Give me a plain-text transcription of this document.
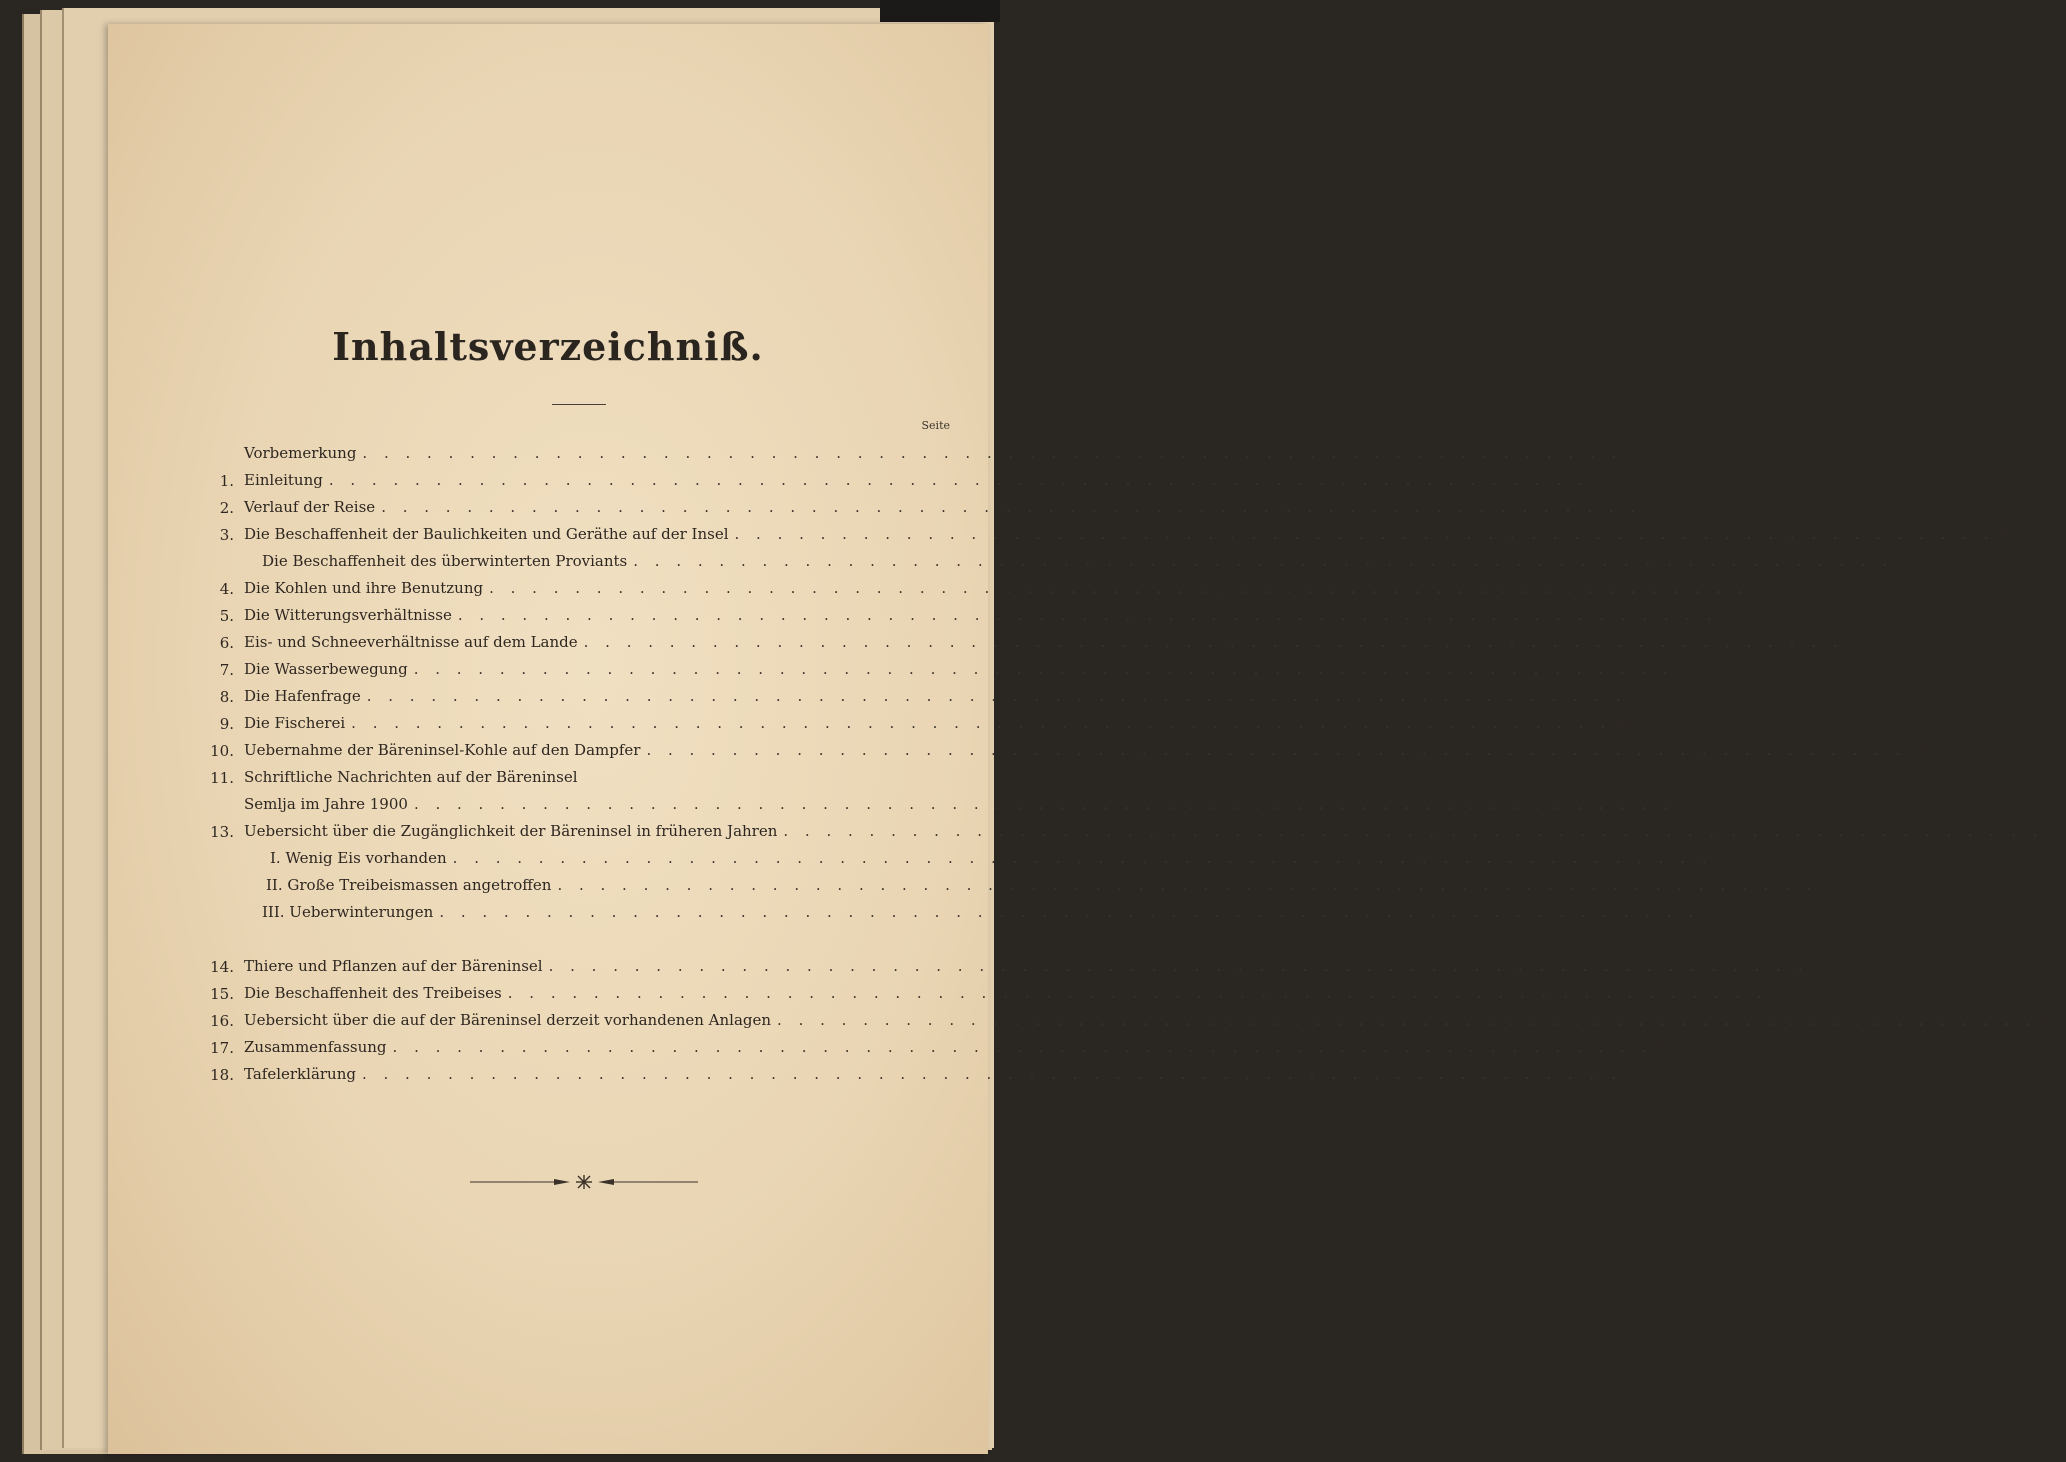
Inhaltsverzeichniß.
Seite
Vorbemerkung . . . . . . . . . . . . . . . . . . . . . . . . . . . . . . . . . . . . . . . . . . . . . . . . . . . . . . . . . . . 3
1. Einleitung . . . . . . . . . . . . . . . . . . . . . . . . . . . . . . . . . . . . . . . . . . . . . . . . . . . . . . . . . . . 4
2. Verlauf der Reise . . . . . . . . . . . . . . . . . . . . . . . . . . . . . . . . . . . . . . . . . . . . . . . . . . . . . . . . . . . 6
3. Die Beschaffenheit der Baulichkeiten und Geräthe auf der Insel . . . . . . . . . . . . . . . . . . . . . . . . . . . . . . . . . . . . . . . . . . . . . . . . . . . . . . . . . . . 9
Die Beschaffenheit des überwinterten Proviants . . . . . . . . . . . . . . . . . . . . . . . . . . . . . . . . . . . . . . . . . . . . . . . . . . . . . . . . . . . 11
4. Die Kohlen und ihre Benutzung . . . . . . . . . . . . . . . . . . . . . . . . . . . . . . . . . . . . . . . . . . . . . . . . . . . . . . . . . . . 12
5. Die Witterungsverhältnisse . . . . . . . . . . . . . . . . . . . . . . . . . . . . . . . . . . . . . . . . . . . . . . . . . . . . . . . . . . . 14
6. Eis- und Schneeverhältnisse auf dem Lande . . . . . . . . . . . . . . . . . . . . . . . . . . . . . . . . . . . . . . . . . . . . . . . . . . . . . . . . . . . 20
7. Die Wasserbewegung . . . . . . . . . . . . . . . . . . . . . . . . . . . . . . . . . . . . . . . . . . . . . . . . . . . . . . . . . . . 21
8. Die Hafenfrage . . . . . . . . . . . . . . . . . . . . . . . . . . . . . . . . . . . . . . . . . . . . . . . . . . . . . . . . . . . 24
9. Die Fischerei . . . . . . . . . . . . . . . . . . . . . . . . . . . . . . . . . . . . . . . . . . . . . . . . . . . . . . . . . . . 24
10. Uebernahme der Bäreninsel-Kohle auf den Dampfer . . . . . . . . . . . . . . . . . . . . . . . . . . . . . . . . . . . . . . . . . . . . . . . . . . . . . . . . . . . 25
11. Schriftliche Nachrichten auf der Bäreninsel
Semlja im Jahre 1900 . . . . . . . . . . . . . . . . . . . . . . . . . . . . . . . . . . . . . . . . . . . . . . . . . . . . . . . . . . . 27
13. Uebersicht über die Zugänglichkeit der Bäreninsel in früheren Jahren . . . . . . . . . . . . . . . . . . . . . . . . . . . . . . . . . . . . . . . . . . . . . . . . . . . . . . . . . . . 31
I. Wenig Eis vorhanden . . . . . . . . . . . . . . . . . . . . . . . . . . . . . . . . . . . . . . . . . . . . . . . . . . . . . . . . . . . 31
II. Große Treibeismassen angetroffen . . . . . . . . . . . . . . . . . . . . . . . . . . . . . . . . . . . . . . . . . . . . . . . . . . . . . . . . . . . 33
III. Ueberwinterungen . . . . . . . . . . . . . . . . . . . . . . . . . . . . . . . . . . . . . . . . . . . . . . . . . . . . . . . . . . . 34
14. Thiere und Pflanzen auf der Bäreninsel . . . . . . . . . . . . . . . . . . . . . . . . . . . . . . . . . . . . . . . . . . . . . . . . . . . . . . . . . . . 37
15. Die Beschaffenheit des Treibeises . . . . . . . . . . . . . . . . . . . . . . . . . . . . . . . . . . . . . . . . . . . . . . . . . . . . . . . . . . . 42
16. Uebersicht über die auf der Bäreninsel derzeit vorhandenen Anlagen . . . . . . . . . . . . . . . . . . . . . . . . . . . . . . . . . . . . . . . . . . . . . . . . . . . . . . . . . . . 43
17. Zusammenfassung . . . . . . . . . . . . . . . . . . . . . . . . . . . . . . . . . . . . . . . . . . . . . . . . . . . . . . . . . . . 44
18. Tafelerklärung . . . . . . . . . . . . . . . . . . . . . . . . . . . . . . . . . . . . . . . . . . . . . . . . . . . . . . . . . . . 47
